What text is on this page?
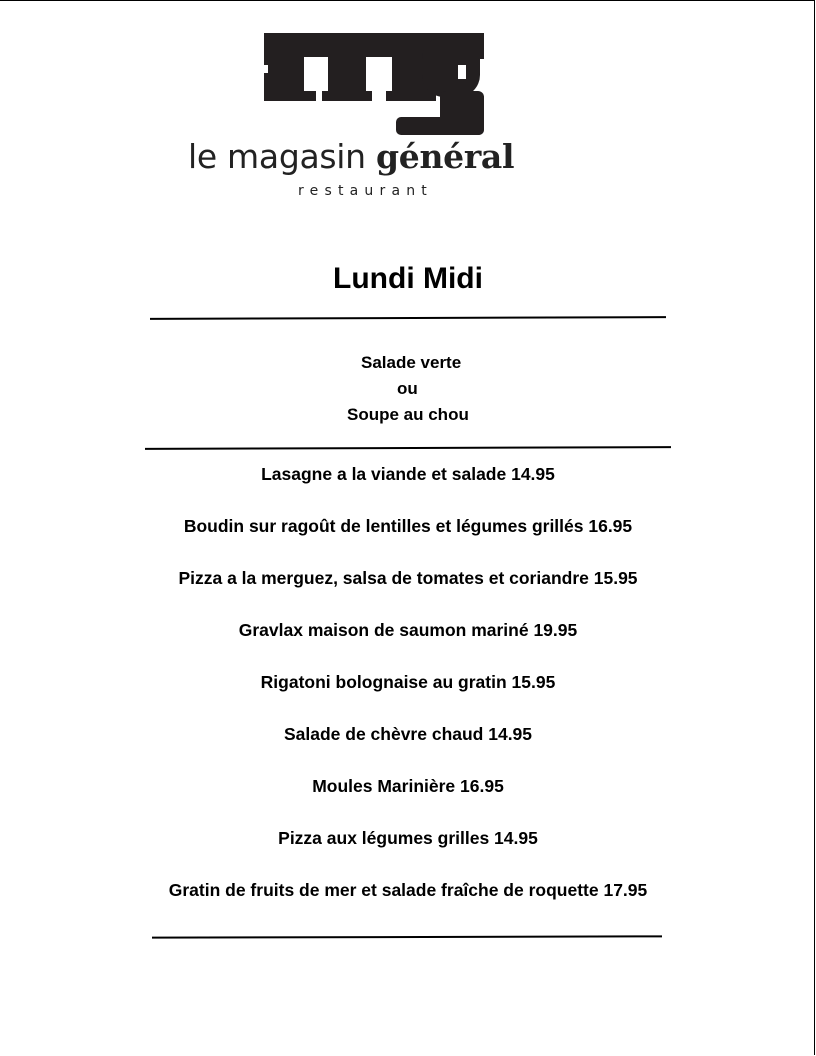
le magasin général
restaurant
Lundi Midi
Salade verte
ou
Soupe au chou
Lasagne a la viande et salade 14.95
Boudin sur ragoût de lentilles et légumes grillés 16.95
Pizza a la merguez, salsa de tomates et coriandre 15.95
Gravlax maison de saumon mariné 19.95
Rigatoni bolognaise au gratin 15.95
Salade de chèvre chaud 14.95
Moules Marinière 16.95
Pizza aux légumes grilles 14.95
Gratin de fruits de mer et salade fraîche de roquette 17.95
